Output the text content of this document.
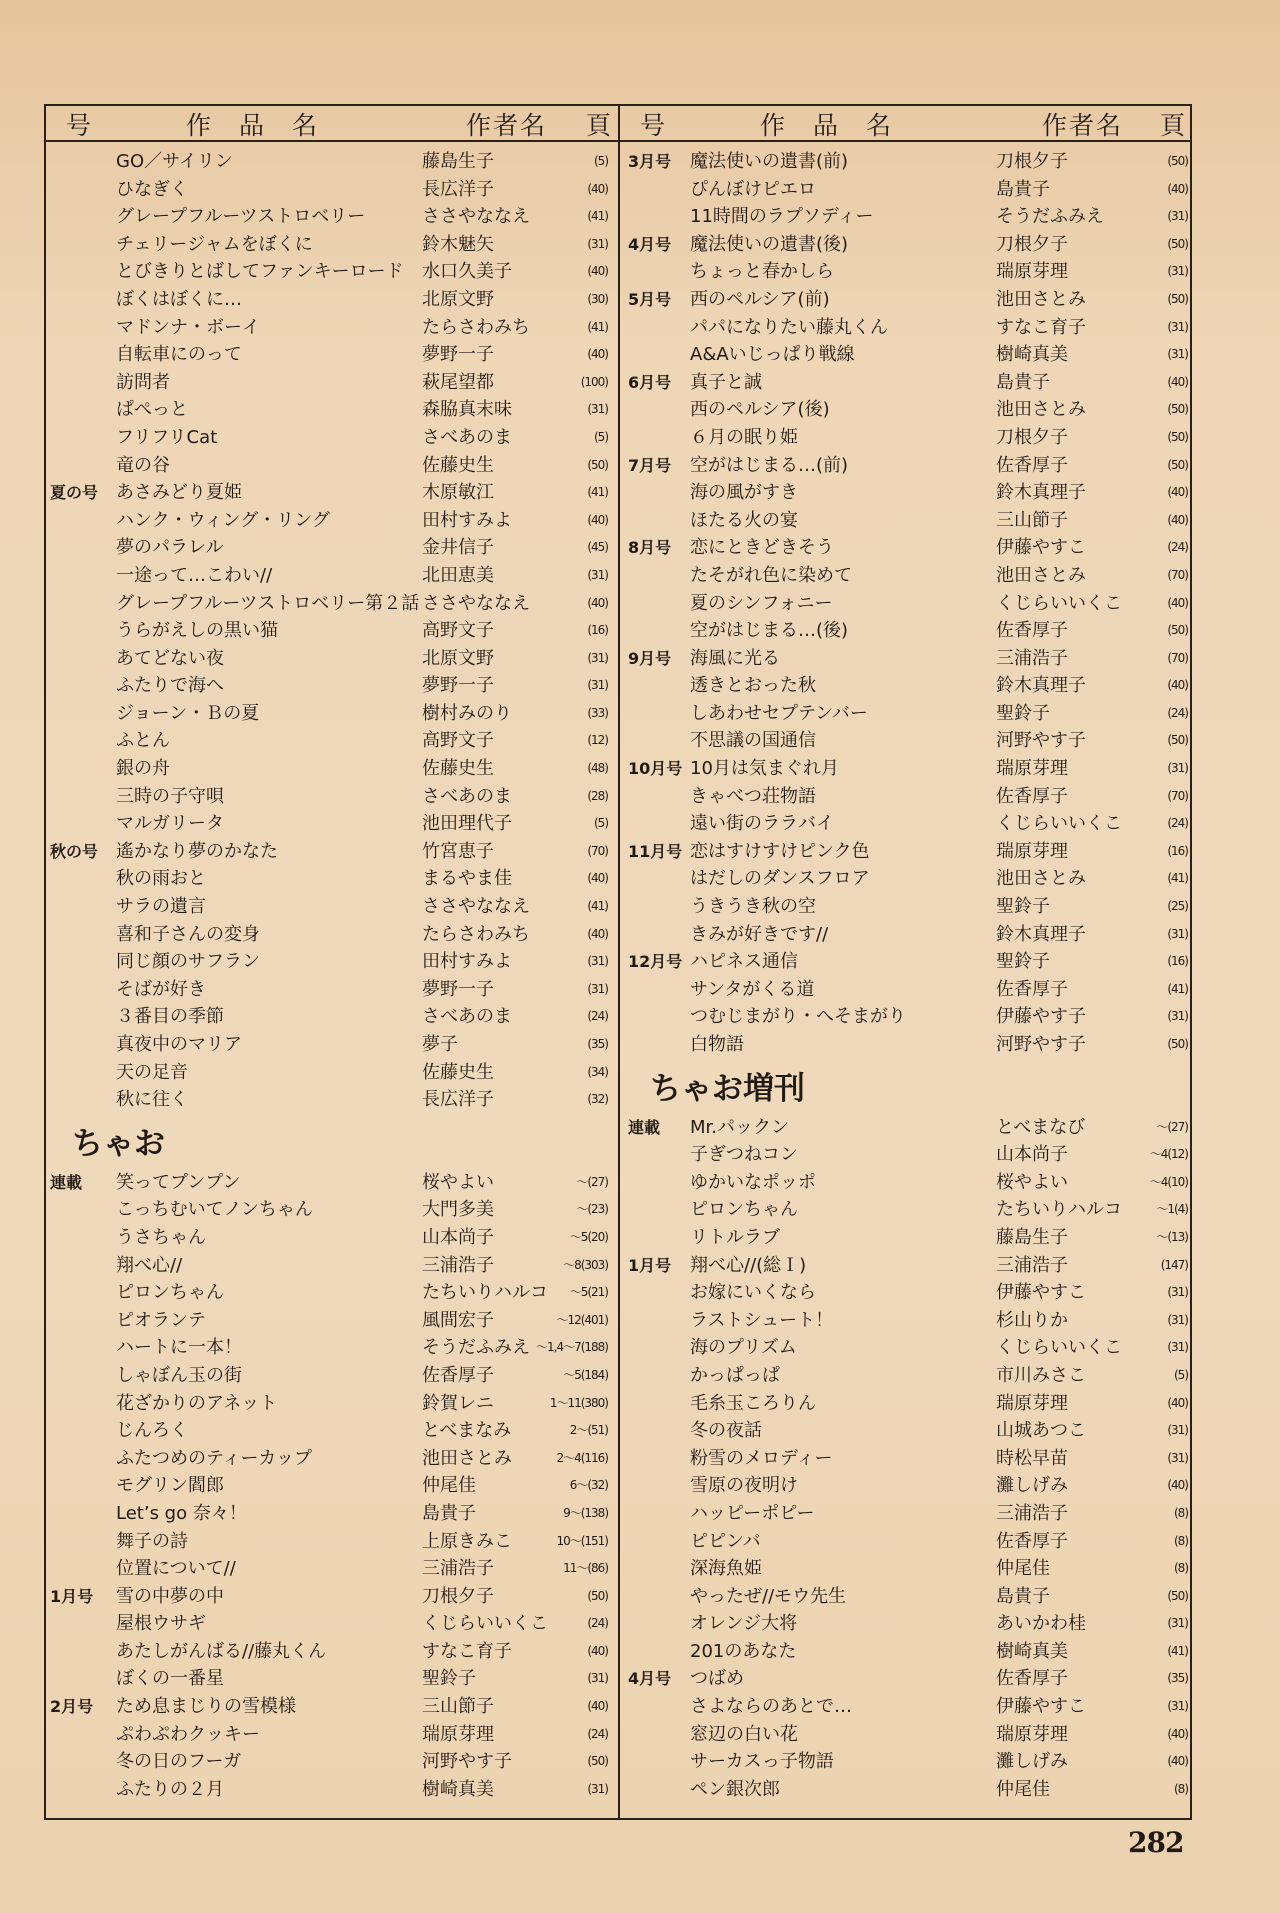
号	作品名	作者名 頁 号	作品名	作者名 頁
GO／サイリン	藤島生子	(5)
ひなぎく	長広洋子	(40)
グレープフルーツストロベリー	ささやななえ	(41)
チェリージャムをぼくに	鈴木魅矢	(31)
とびきりとばしてファンキーロード 水口久美子	(40)
ぼくはぼくに…	北原文野	(30)
マドンナ・ボーイ	たらさわみち	(41)
自転車にのって	夢野一子	(40)
訪問者	萩尾望都	(100)
ぱぺっと	森脇真末味	(31)
フリフリCat	さべあのま	(5)
竜の谷	佐藤史生	(50)
夏の号 あさみどり夏姫	木原敏江	(41)
ハンク・ウィング・リング	田村すみよ	(40)
夢のパラレル	金井信子	(45)
一途って…こわい//	北田恵美	(31)
グレープフルーツストロベリー第２話 ささやななえ	(40)
うらがえしの黒い猫	高野文子	(16)
あてどない夜	北原文野	(31)
ふたりで海へ	夢野一子	(31)
ジョーン・Ｂの夏	樹村みのり	(33)
ふとん	高野文子	(12)
銀の舟	佐藤史生	(48)
三時の子守唄	さべあのま	(28)
マルガリータ	池田理代子	(5)
秋の号 遙かなり夢のかなた	竹宮恵子	(70)
秋の雨おと	まるやま佳	(40)
サラの遺言	ささやななえ	(41)
喜和子さんの変身	たらさわみち	(40)
同じ顔のサフラン	田村すみよ	(31)
そばが好き	夢野一子	(31)
３番目の季節	さべあのま	(24)
真夜中のマリア	夢子	(35)
天の足音	佐藤史生	(34)
秋に往く	長広洋子	(32)
ちゃお
連載 笑ってプンプン	桜やよい	〜(27)
こっちむいてノンちゃん	大門多美	〜(23)
うさちゃん	山本尚子	〜5(20)
翔べ心//	三浦浩子	〜8(303)
ピロンちゃん	たちいりハルコ 〜5(21)
ピオランテ	風間宏子	〜12(401)
ハートに一本！	そうだふみえ 〜1,4〜7(188)
しゃぼん玉の街	佐香厚子	〜5(184)
花ざかりのアネット	鈴賀レニ	1〜11(380)
じんろく	とべまなみ	2〜(51)
ふたつめのティーカップ	池田さとみ	2〜4(116)
モグリン閻郎	仲尾佳	6〜(32)
Let’s go 奈々！	島貴子	9〜(138)
舞子の詩	上原きみこ	10〜(151)
位置について//	三浦浩子	11〜(86)
1月号 雪の中夢の中	刀根夕子	(50)
屋根ウサギ	くじらいいくこ	(24)
あたしがんばる//藤丸くん	すなこ育子	(40)
ぼくの一番星	聖鈴子	(31)
2月号 ため息まじりの雪模様	三山節子	(40)
ぷわぷわクッキー	瑞原芽理	(24)
冬の日のフーガ	河野やす子	(50)
ふたりの２月	樹崎真美	(31)
3月号 魔法使いの遺書(前)	刀根夕子	(50)
ぴんぼけピエロ	島貴子	(40)
11時間のラプソディー	そうだふみえ	(31)
4月号 魔法使いの遺書(後)	刀根夕子	(50)
ちょっと春かしら	瑞原芽理	(31)
5月号 西のペルシア(前)	池田さとみ	(50)
パパになりたい藤丸くん	すなこ育子	(31)
A&Aいじっぱり戦線	樹崎真美	(31)
6月号 真子と誠	島貴子	(40)
西のペルシア(後)	池田さとみ	(50)
６月の眠り姫	刀根夕子	(50)
7月号 空がはじまる…(前)	佐香厚子	(50)
海の風がすき	鈴木真理子	(40)
ほたる火の宴	三山節子	(40)
8月号 恋にときどきそう	伊藤やすこ	(24)
たそがれ色に染めて	池田さとみ	(70)
夏のシンフォニー	くじらいいくこ	(40)
空がはじまる…(後)	佐香厚子	(50)
9月号 海風に光る	三浦浩子	(70)
透きとおった秋	鈴木真理子	(40)
しあわせセプテンバー	聖鈴子	(24)
不思議の国通信	河野やす子	(50)
10月号 10月は気まぐれ月	瑞原芽理	(31)
きゃべつ荘物語	佐香厚子	(70)
遠い街のララバイ	くじらいいくこ	(24)
11月号 恋はすけすけピンク色	瑞原芽理	(16)
はだしのダンスフロア	池田さとみ	(41)
うきうき秋の空	聖鈴子	(25)
きみが好きです//	鈴木真理子	(31)
12月号 ハピネス通信	聖鈴子	(16)
サンタがくる道	佐香厚子	(41)
つむじまがり・へそまがり	伊藤やす子	(31)
白物語	河野やす子	(50)
ちゃお増刊
連載 Mr.パックン	とべまなび	〜(27)
子ぎつねコン	山本尚子	〜4(12)
ゆかいなポッポ	桜やよい	〜4(10)
ピロンちゃん	たちいりハルコ	〜1(4)
リトルラブ	藤島生子	〜(13)
1月号 翔べ心//(総Ｉ)	三浦浩子	(147)
お嫁にいくなら	伊藤やすこ	(31)
ラストシュート！	杉山りか	(31)
海のプリズム	くじらいいくこ	(31)
かっぱっぱ	市川みさこ	(5)
毛糸玉ころりん	瑞原芽理	(40)
冬の夜話	山城あつこ	(31)
粉雪のメロディー	時松早苗	(31)
雪原の夜明け	灘しげみ	(40)
ハッピーポピー	三浦浩子	(8)
ピピンバ	佐香厚子	(8)
深海魚姫	仲尾佳	(8)
やったぜ//モウ先生	島貴子	(50)
オレンジ大将	あいかわ桂	(31)
201のあなた	樹崎真美	(41)
4月号 つばめ	佐香厚子	(35)
さよならのあとで…	伊藤やすこ	(31)
窓辺の白い花	瑞原芽理	(40)
サーカスっ子物語	灘しげみ	(40)
ペン銀次郎	仲尾佳	(8)
282
